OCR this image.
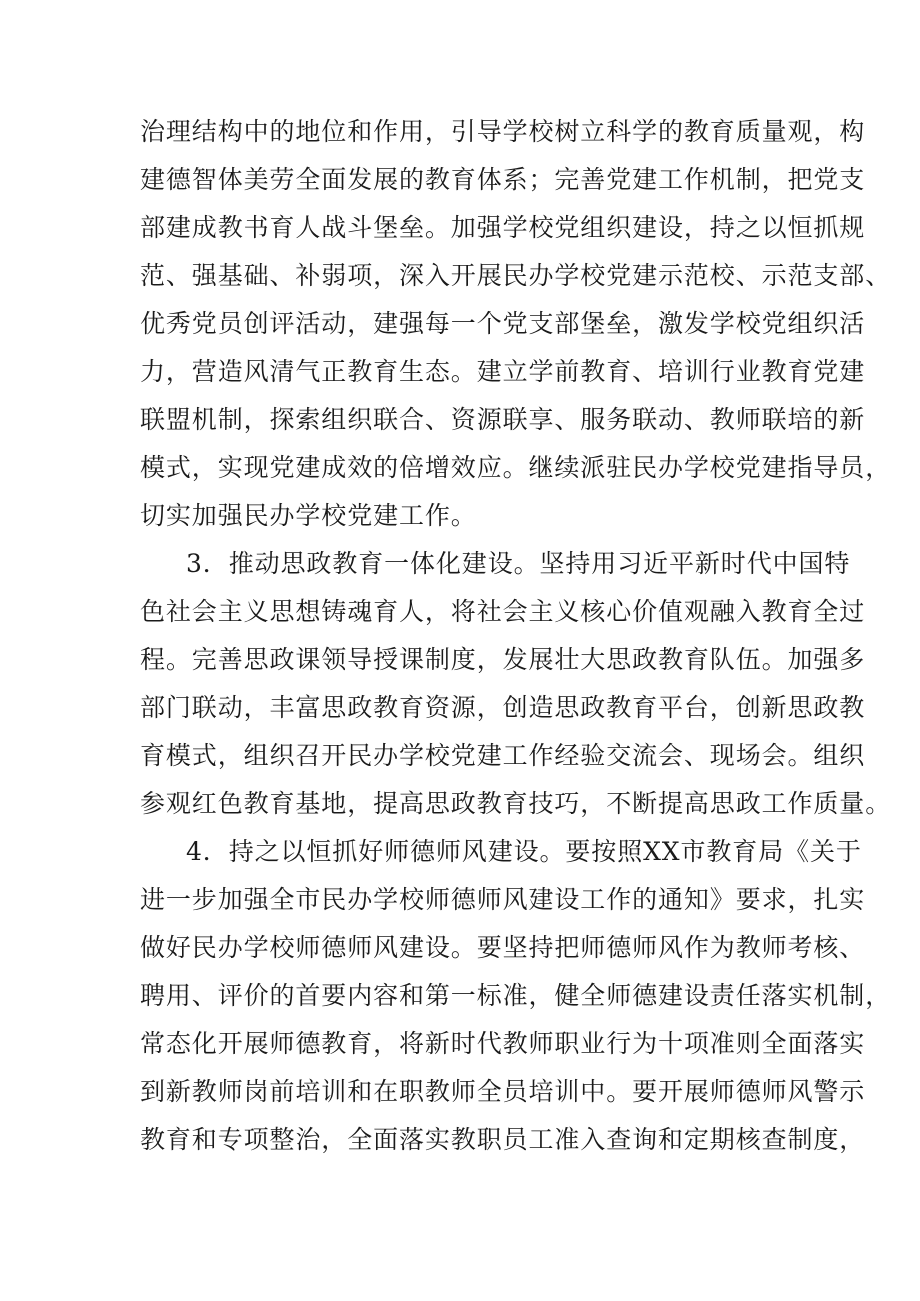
治理结构中的地位和作用，引导学校树立科学的教育质量观，构
建德智体美劳全面发展的教育体系；完善党建工作机制，把党支
部建成教书育人战斗堡垒。加强学校党组织建设，持之以恒抓规
范、强基础、补弱项，深入开展民办学校党建示范校、示范支部、
优秀党员创评活动，建强每一个党支部堡垒，激发学校党组织活
力，营造风清气正教育生态。建立学前教育、培训行业教育党建
联盟机制，探索组织联合、资源联享、服务联动、教师联培的新
模式，实现党建成效的倍增效应。继续派驻民办学校党建指导员，
切实加强民办学校党建工作。
3．推动思政教育一体化建设。坚持用习近平新时代中国特
色社会主义思想铸魂育人，将社会主义核心价值观融入教育全过
程。完善思政课领导授课制度，发展壮大思政教育队伍。加强多
部门联动，丰富思政教育资源，创造思政教育平台，创新思政教
育模式，组织召开民办学校党建工作经验交流会、现场会。组织
参观红色教育基地，提高思政教育技巧，不断提高思政工作质量。
4．持之以恒抓好师德师风建设。要按照XX市教育局《关于
进一步加强全市民办学校师德师风建设工作的通知》要求，扎实
做好民办学校师德师风建设。要坚持把师德师风作为教师考核、
聘用、评价的首要内容和第一标准，健全师德建设责任落实机制，
常态化开展师德教育，将新时代教师职业行为十项准则全面落实
到新教师岗前培训和在职教师全员培训中。要开展师德师风警示
教育和专项整治，全面落实教职员工准入查询和定期核查制度，
